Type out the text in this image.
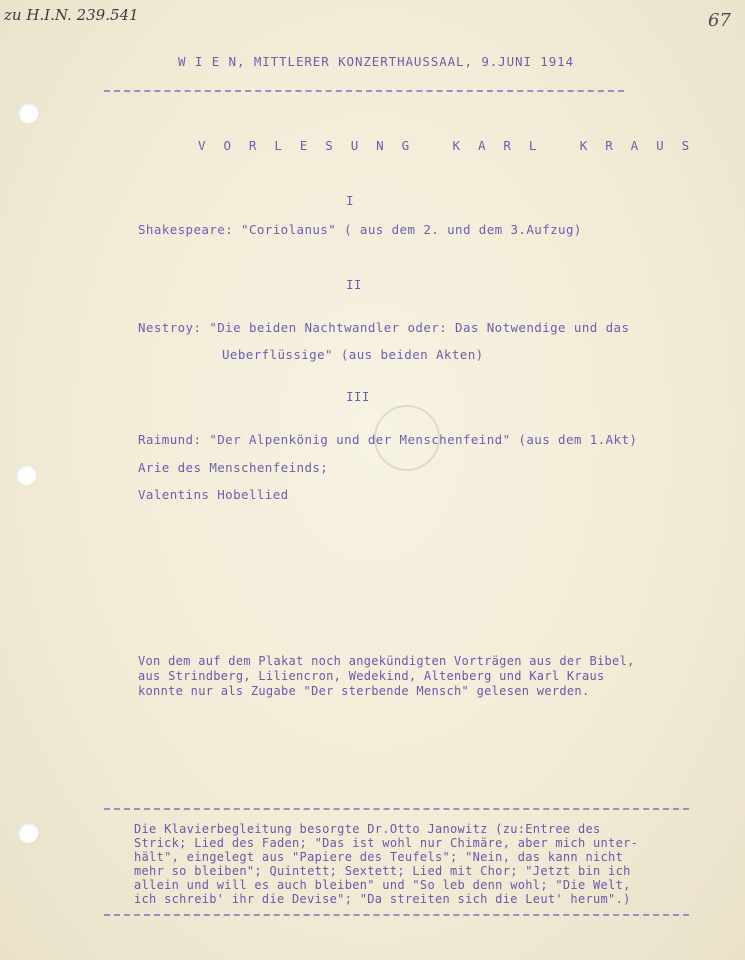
zu H.I.N. 239.541	67
W I E N, MITTLERER KONZERTHAUSSAAL, 9.JUNI 1914
V O R L E S U N G   K A R L   K R A U S
I
Shakespeare: "Coriolanus" ( aus dem 2. und dem 3.Aufzug)
II
Nestroy: "Die beiden Nachtwandler oder: Das Notwendige und das
Ueberflüssige" (aus beiden Akten)
III
Raimund: "Der Alpenkönig und der Menschenfeind" (aus dem 1.Akt)
Arie des Menschenfeinds;
Valentins Hobellied
Von dem auf dem Plakat noch angekündigten Vorträgen aus der Bibel,
aus Strindberg, Liliencron, Wedekind, Altenberg und Karl Kraus
konnte nur als Zugabe "Der sterbende Mensch" gelesen werden.
Die Klavierbegleitung besorgte Dr.Otto Janowitz (zu:Entree des
Strick; Lied des Faden; "Das ist wohl nur Chimäre, aber mich unter-
hält", eingelegt aus "Papiere des Teufels"; "Nein, das kann nicht
mehr so bleiben"; Quintett; Sextett; Lied mit Chor; "Jetzt bin ich
allein und will es auch bleiben" und "So leb denn wohl; "Die Welt,
ich schreib' ihr die Devise"; "Da streiten sich die Leut' herum".)
